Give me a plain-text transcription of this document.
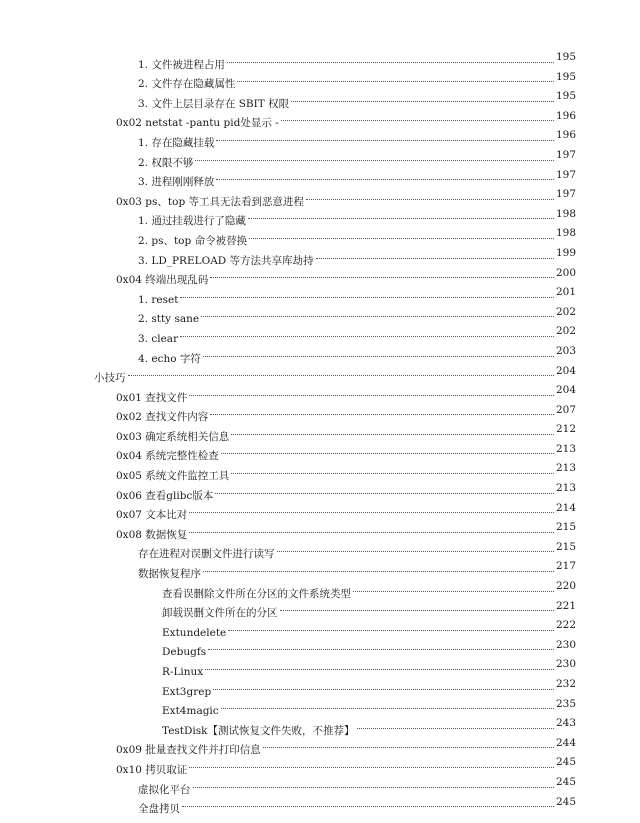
1. 文件被进程占用
195
2. 文件存在隐藏属性
195
3. 文件上层目录存在 SBIT 权限
195
0x02 netstat -pantu pid处显示 -
196
1. 存在隐藏挂载
196
2. 权限不够
197
3. 进程刚刚释放
197
0x03 ps、top 等工具无法看到恶意进程
197
1. 通过挂载进行了隐藏
198
2. ps、top 命令被替换
198
3. LD_PRELOAD 等方法共享库劫持
199
0x04 终端出现乱码
200
1. reset
201
2. stty sane
202
3. clear
202
4. echo 字符
203
小技巧
204
0x01 查找文件
204
0x02 查找文件内容
207
0x03 确定系统相关信息
212
0x04 系统完整性检查
213
0x05 系统文件监控工具
213
0x06 查看glibc版本
213
0x07 文本比对
214
0x08 数据恢复
215
存在进程对误删文件进行读写
215
数据恢复程序
217
查看误删除文件所在分区的文件系统类型
220
卸载误删文件所在的分区
221
Extundelete
222
Debugfs
230
R-Linux
230
Ext3grep
232
Ext4magic
235
TestDisk【测试恢复文件失败，不推荐】
243
0x09 批量查找文件并打印信息
244
0x10 拷贝取证
245
虚拟化平台
245
全盘拷贝
245
